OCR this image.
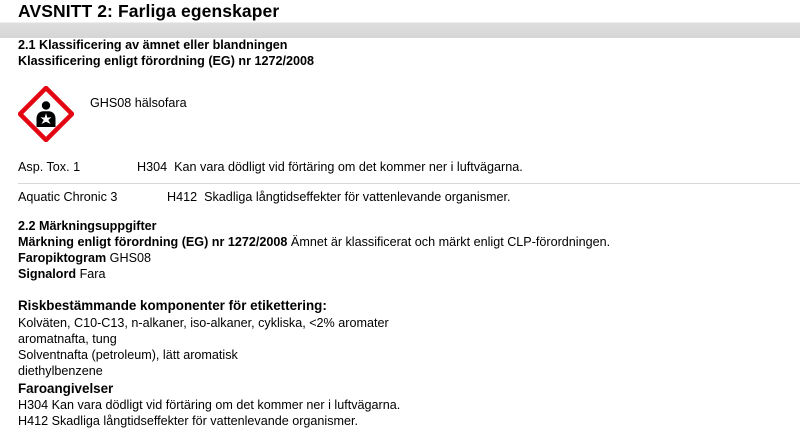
AVSNITT 2: Farliga egenskaper
2.1 Klassificering av ämnet eller blandningen
Klassificering enligt förordning (EG) nr 1272/2008
GHS08 hälsofara
Asp. Tox. 1	H304 Kan vara dödligt vid förtäring om det kommer ner i luftvägarna.
Aquatic Chronic 3	H412 Skadliga långtidseffekter för vattenlevande organismer.
2.2 Märkningsuppgifter
Märkning enligt förordning (EG) nr 1272/2008 Ämnet är klassificerat och märkt enligt CLP-förordningen.
Faropiktogram GHS08
Signalord Fara
Riskbestämmande komponenter för etikettering:
Kolväten, C10-C13, n-alkaner, iso-alkaner, cykliska, <2% aromater
aromatnafta, tung
Solventnafta (petroleum), lätt aromatisk
diethylbenzene
Faroangivelser
H304 Kan vara dödligt vid förtäring om det kommer ner i luftvägarna.
H412 Skadliga långtidseffekter för vattenlevande organismer.
